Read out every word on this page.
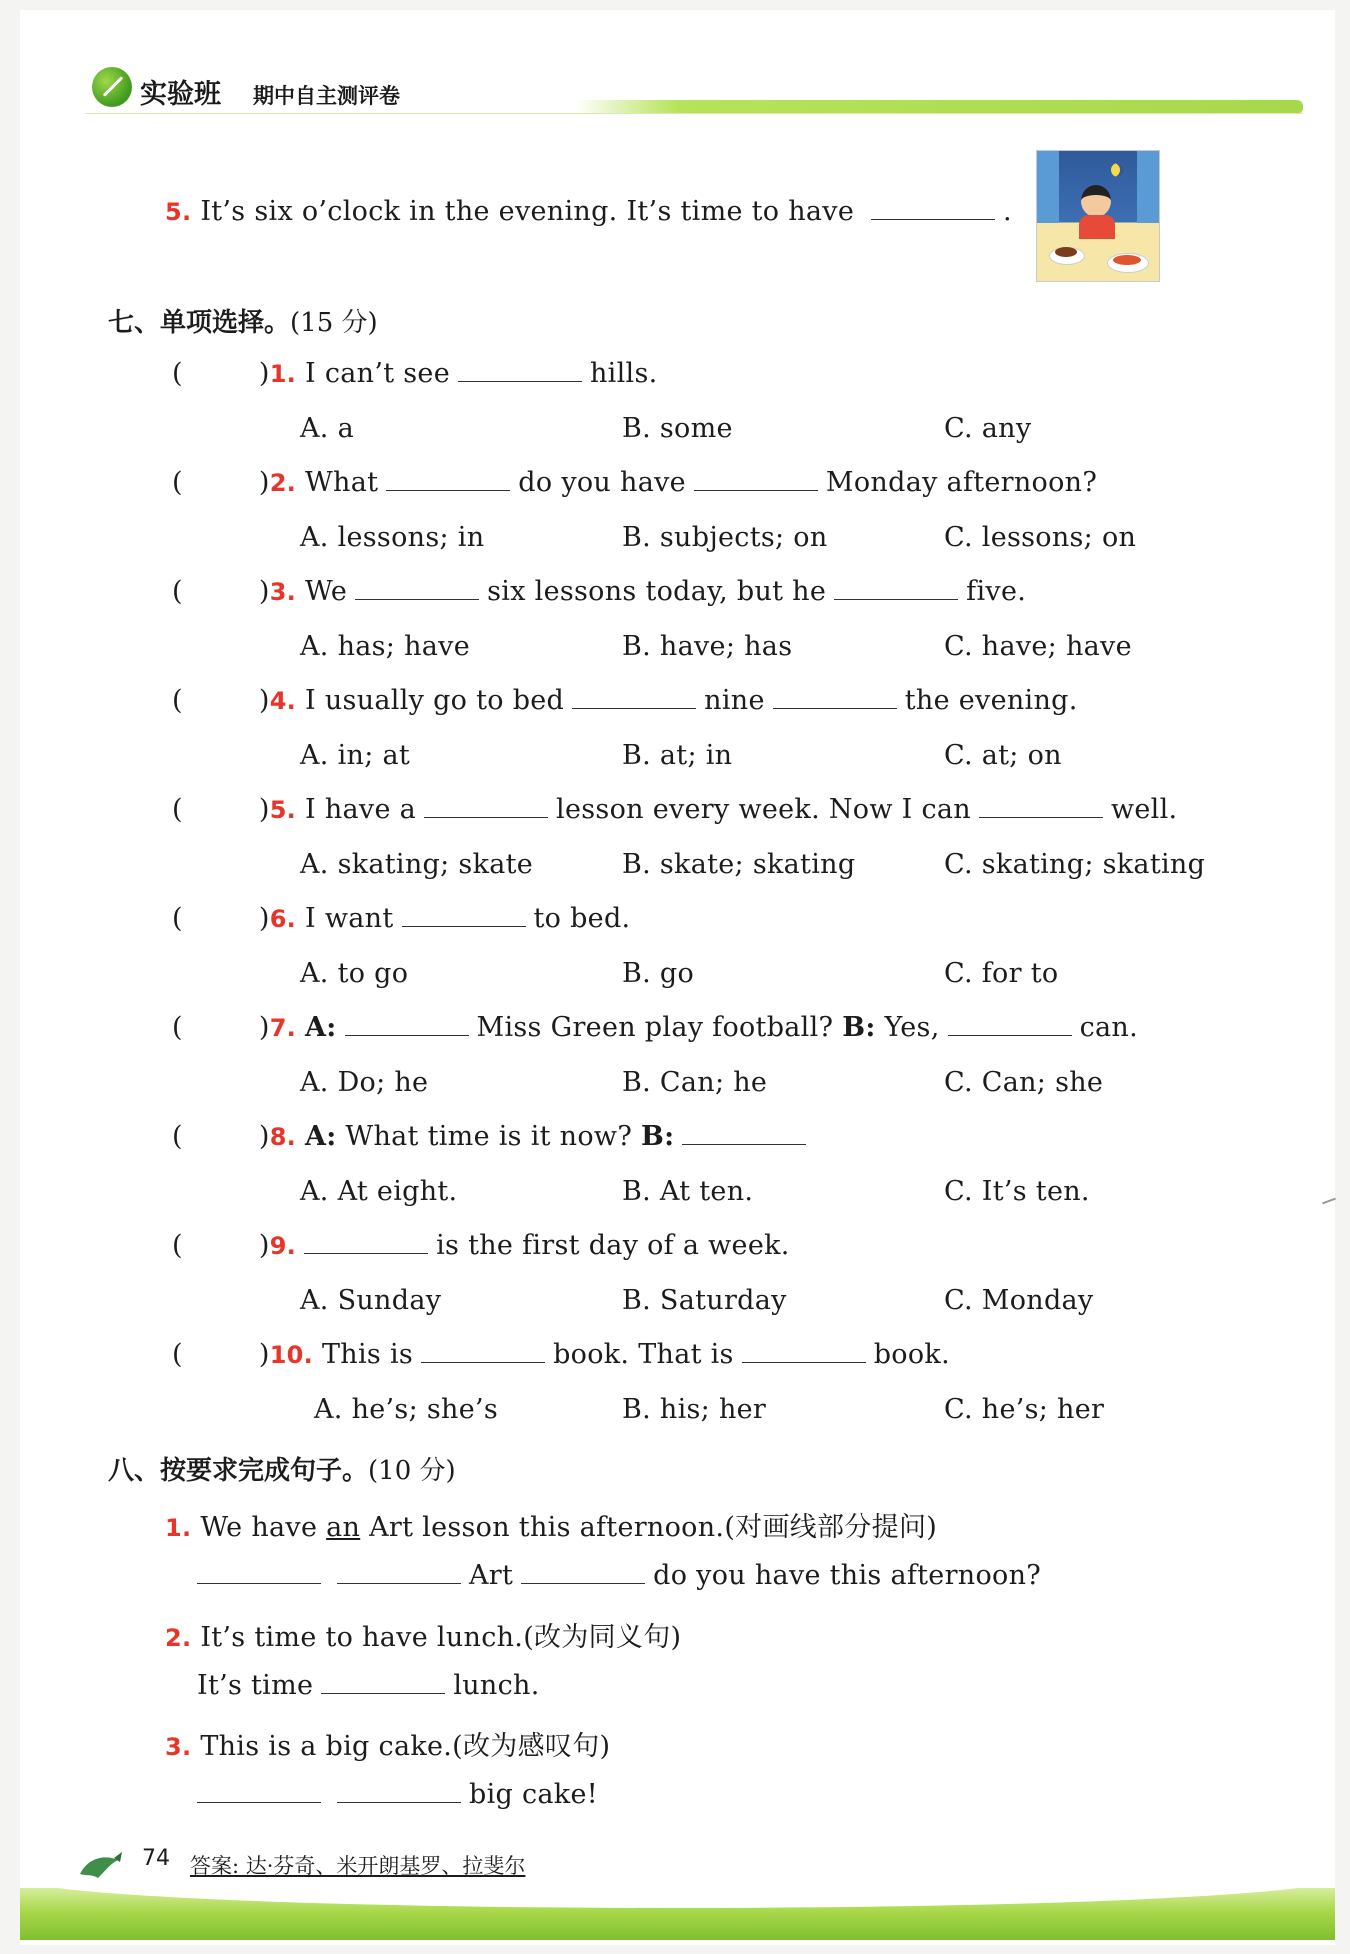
实验班 期中自主测评卷
5. It’s six o’clock in the evening. It’s time to have	.
七、单项选择。(15 分)
(	)1. I can’t see	hills.
A. a	B. some	C. any
(	)2. What	do you have	Monday afternoon?
A. lessons; in	B. subjects; on	C. lessons; on
(	)3. We	six lessons today, but he	five.
A. has; have	B. have; has	C. have; have
(	)4. I usually go to bed	nine	the evening.
A. in; at	B. at; in	C. at; on
(	)5. I have a	lesson every week. Now I can	well.
A. skating; skate	B. skate; skating	C. skating; skating
(	)6. I want	to bed.
A. to go	B. go	C. for to
(	)7. A:	Miss Green play football? B: Yes,	can.
A. Do; he	B. Can; he	C. Can; she
(	)8. A: What time is it now? B:
A. At eight.	B. At ten.	C. It’s ten.
(	)9.	is the first day of a week.
A. Sunday	B. Saturday	C. Monday
(	)10. This is	book. That is	book.
A. he’s; she’s	B. his; her	C. he’s; her
八、按要求完成句子。(10 分)
1. We have an Art lesson this afternoon.(对画线部分提问)
Art	do you have this afternoon?
2. It’s time to have lunch.(改为同义句)
It’s time	lunch.
3. This is a big cake.(改为感叹句)
big cake!
74 答案: 达·芬奇、米开朗基罗、拉斐尔
